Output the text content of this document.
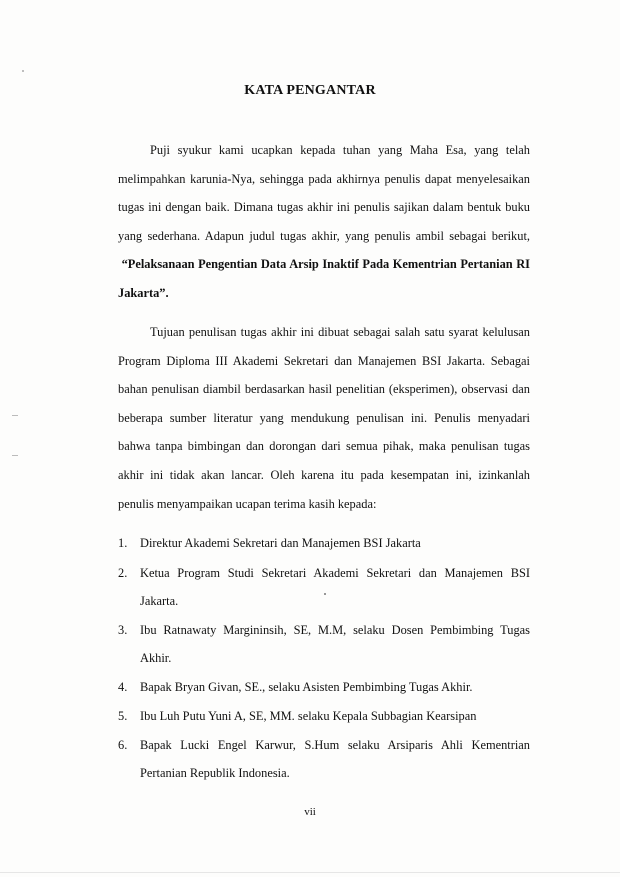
KATA PENGANTAR

Puji syukur kami ucapkan kepada tuhan yang Maha Esa, yang telah melimpahkan karunia-Nya, sehingga pada akhirnya penulis dapat menyelesaikan tugas ini dengan baik. Dimana tugas akhir ini penulis sajikan dalam bentuk buku yang sederhana. Adapun judul tugas akhir, yang penulis ambil sebagai berikut,  “Pelaksanaan Pengentian Data Arsip Inaktif Pada Kementrian Pertanian RI Jakarta”.

Tujuan penulisan tugas akhir ini dibuat sebagai salah satu syarat kelulusan Program Diploma III Akademi Sekretari dan Manajemen BSI Jakarta. Sebagai bahan penulisan diambil berdasarkan hasil penelitian (eksperimen), observasi dan beberapa sumber literatur yang mendukung penulisan ini. Penulis menyadari bahwa tanpa bimbingan dan dorongan dari semua pihak, maka penulisan tugas akhir ini tidak akan lancar. Oleh karena itu pada kesempatan ini, izinkanlah penulis menyampaikan ucapan terima kasih kepada:

1.	Direktur Akademi Sekretari dan Manajemen BSI Jakarta
2.	Ketua Program Studi Sekretari Akademi Sekretari dan Manajemen BSI Jakarta.
3.	Ibu Ratnawaty Margininsih, SE, M.M, selaku Dosen Pembimbing Tugas Akhir.
4.	Bapak Bryan Givan, SE., selaku Asisten Pembimbing Tugas Akhir.
5.	Ibu Luh Putu Yuni A, SE, MM. selaku Kepala Subbagian Kearsipan
6.	Bapak Lucki Engel Karwur, S.Hum selaku Arsiparis Ahli Kementrian Pertanian Republik Indonesia.
vii
